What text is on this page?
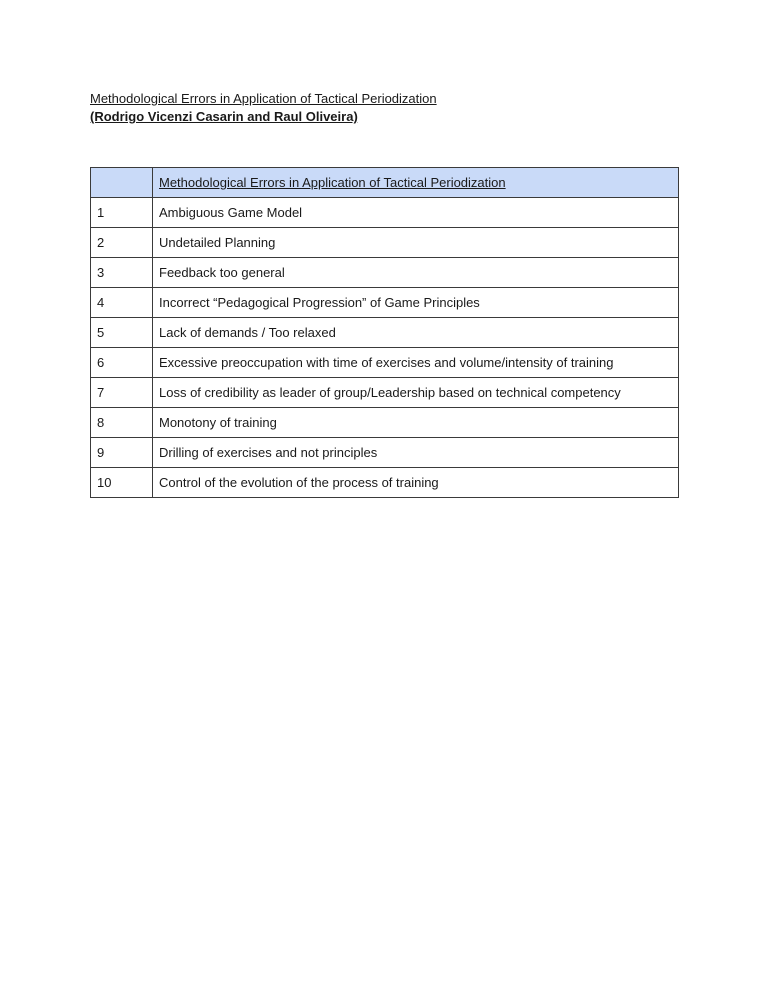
Methodological Errors in Application of Tactical Periodization

(Rodrigo Vicenzi Casarin and Raul Oliveira)

	Methodological Errors in Application of Tactical Periodization
1	Ambiguous Game Model
2	Undetailed Planning
3	Feedback too general
4	Incorrect “Pedagogical Progression” of Game Principles
5	Lack of demands / Too relaxed
6	Excessive preoccupation with time of exercises and volume/intensity of training
7	Loss of credibility as leader of group/Leadership based on technical competency
8	Monotony of training
9	Drilling of exercises and not principles
10	Control of the evolution of the process of training
